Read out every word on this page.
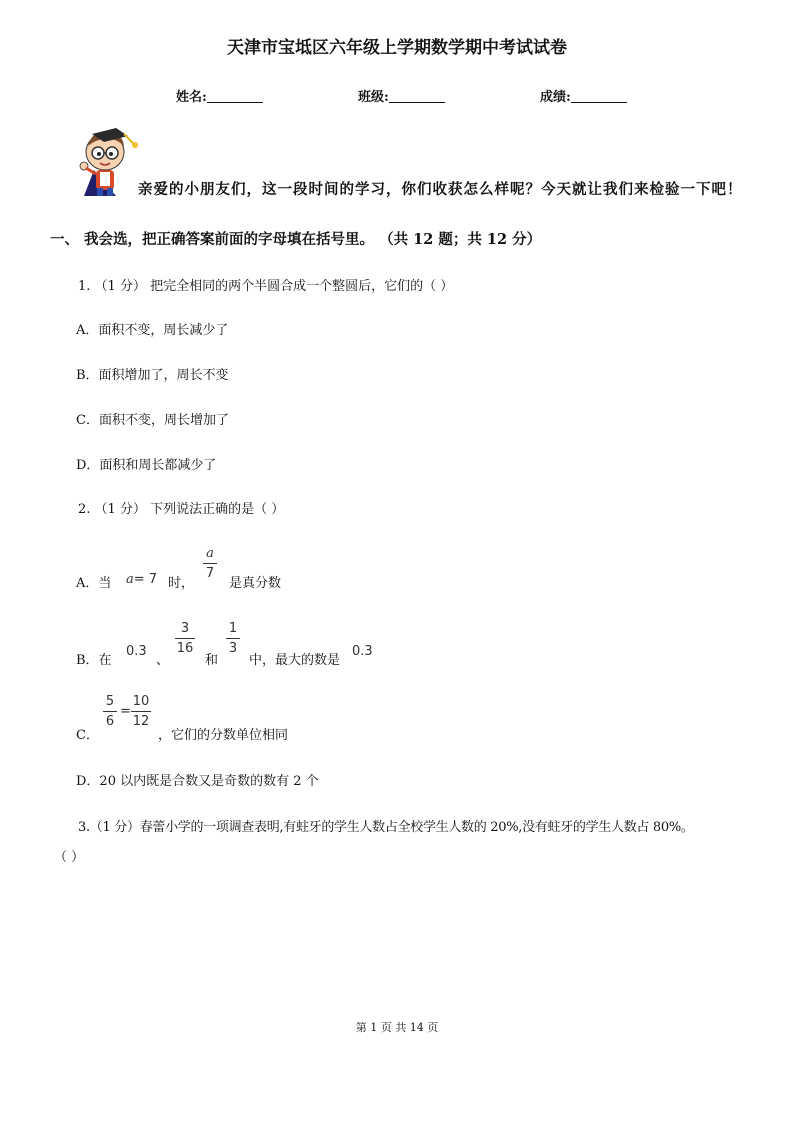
天津市宝坻区六年级上学期数学期中考试试卷
姓名:	班级:	成绩:
亲爱的小朋友们，这一段时间的学习，你们收获怎么样呢？今天就让我们来检验一下吧！
一、 我会选，把正确答案前面的字母填在括号里。 （共 12 题；共 12 分）
1. （1 分） 把完全相同的两个半圆合成一个整圆后，它们的（ ）
A．面积不变，周长减少了
B．面积增加了，周长不变
C．面积不变，周长增加了
D．面积和周长都减少了
2. （1 分） 下列说法正确的是（ ）
A．当 a= 7 时，
a
7
是真分数
B．在
0.3
、
3
16
和
1
3
中，最大的数是
0.3
C．
5
6
=
10
12
，它们的分数单位相同
D．20 以内既是合数又是奇数的数有 2 个
3.（1 分）春蕾小学的一项调查表明,有蛀牙的学生人数占全校学生人数的 20%,没有蛀牙的学生人数占 80%。
（ ）
第 1 页 共 14 页
